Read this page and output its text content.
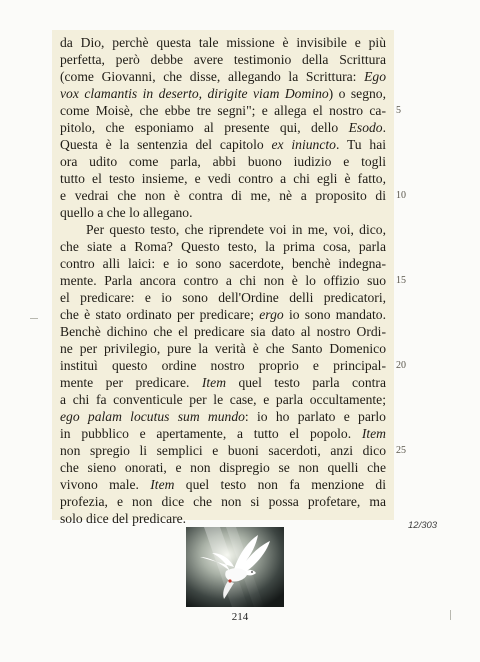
da Dio, perchè questa tale missione è invisibile e più
perfetta, però debbe avere testimonio della Scrittura
(come Giovanni, che disse, allegando la Scrittura: Ego
vox clamantis in deserto, dirigite viam Domino) o segno,
come Moisè, che ebbe tre segni"; e allega el nostro ca-
pitolo, che esponiamo al presente qui, dello Esodo.
Questa è la sentenzia del capitolo ex iniuncto. Tu hai
ora udito come parla, abbi buono iudizio e togli
tutto el testo insieme, e vedi contro a chi egli è fatto,
e vedrai che non è contra di me, nè a proposito di
quello a che lo allegano.
Per questo testo, che riprendete voi in me, voi, dico,
che siate a Roma? Questo testo, la prima cosa, parla
contro alli laici: e io sono sacerdote, benchè indegna-
mente. Parla ancora contro a chi non è lo offizio suo
el predicare: e io sono dell'Ordine delli predicatori,
che è stato ordinato per predicare; ergo io sono mandato.
Benchè dichino che el predicare sia dato al nostro Ordi-
ne per privilegio, pure la verità è che Santo Domenico
instituì questo ordine nostro proprio e principal-
mente per predicare. Item quel testo parla contra
a chi fa conventicule per le case, e parla occultamente;
ego palam locutus sum mundo: io ho parlato e parlo
in pubblico e apertamente, a tutto el popolo. Item
non spregio li semplici e buoni sacerdoti, anzi dico
che sieno onorati, e non dispregio se non quelli che
vivono male. Item quel testo non fa menzione di
profezia, e non dice che non si possa profetare, ma
solo dice del predicare.
5
10
15
20
25
12/303
214
